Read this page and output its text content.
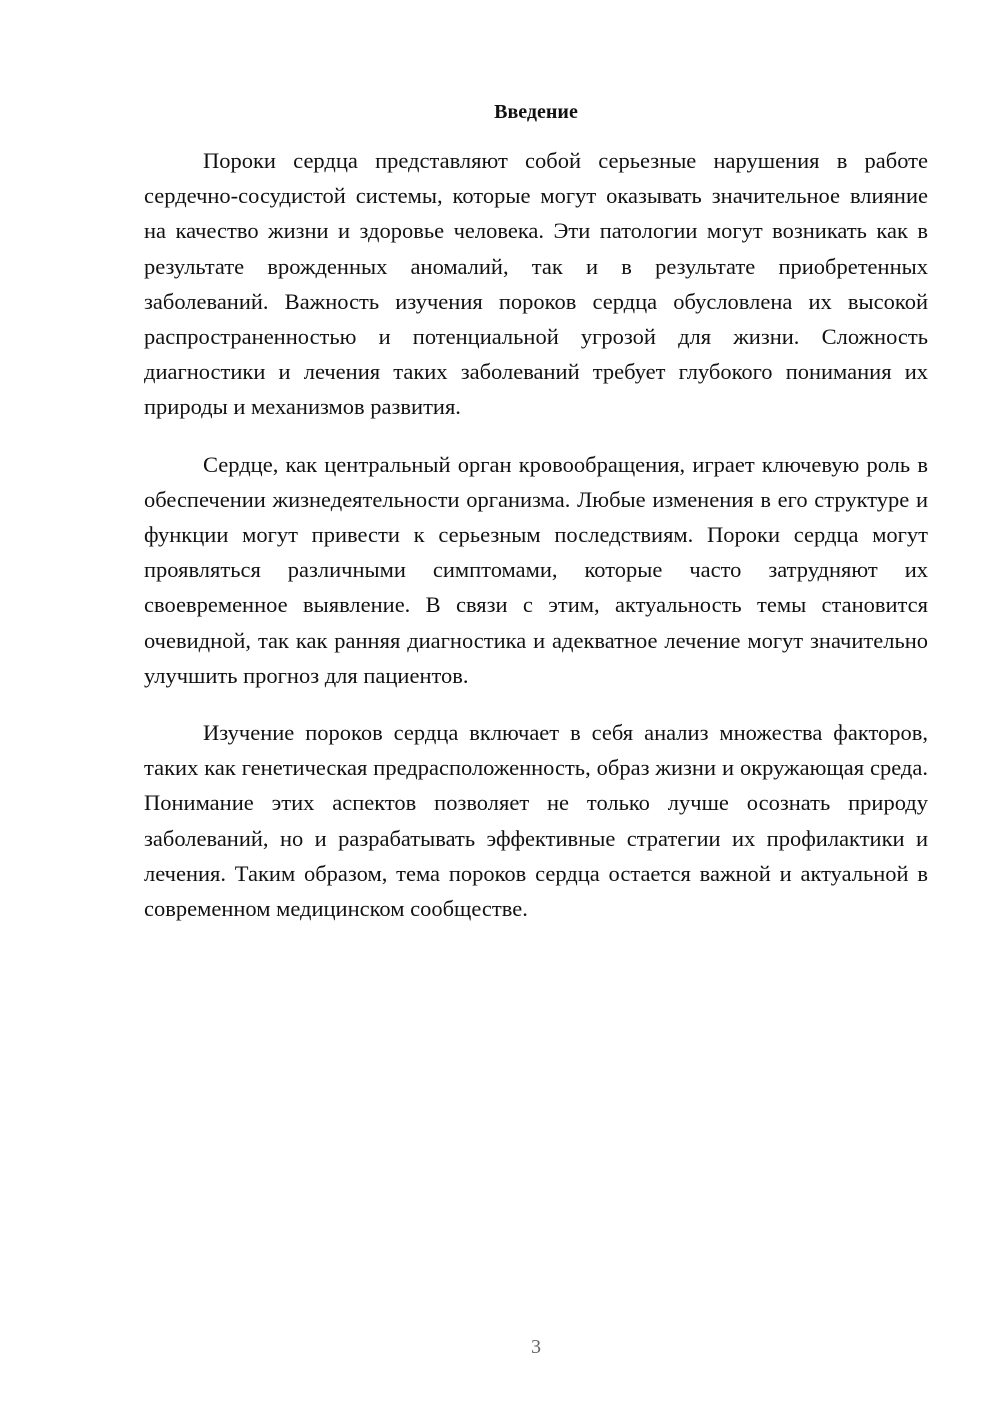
Введение

Пороки сердца представляют собой серьезные нарушения в работе сердечно-сосудистой системы, которые могут оказывать значительное влияние на качество жизни и здоровье человека. Эти патологии могут возникать как в результате врожденных аномалий, так и в результате приобретенных заболеваний. Важность изучения пороков сердца обусловлена их высокой распространенностью и потенциальной угрозой для жизни. Сложность диагностики и лечения таких заболеваний требует глубокого понимания их природы и механизмов развития.

Сердце, как центральный орган кровообращения, играет ключевую роль в обеспечении жизнедеятельности организма. Любые изменения в его структуре и функции могут привести к серьезным последствиям. Пороки сердца могут проявляться различными симптомами, которые часто затрудняют их своевременное выявление. В связи с этим, актуальность темы становится очевидной, так как ранняя диагностика и адекватное лечение могут значительно улучшить прогноз для пациентов.

Изучение пороков сердца включает в себя анализ множества факторов, таких как генетическая предрасположенность, образ жизни и окружающая среда. Понимание этих аспектов позволяет не только лучше осознать природу заболеваний, но и разрабатывать эффективные стратегии их профилактики и лечения. Таким образом, тема пороков сердца остается важной и актуальной в современном медицинском сообществе.

3
